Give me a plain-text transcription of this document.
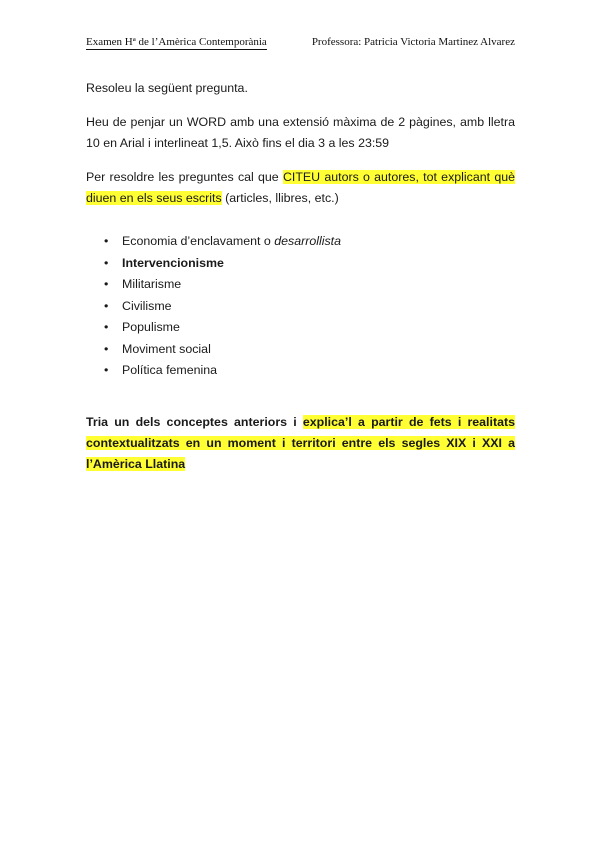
Examen Hª de l’Amèrica Contemporània	Professora: Patricia Victoria Martinez Alvarez

Resoleu la següent pregunta.

Heu de penjar un WORD amb una extensió màxima de 2 pàgines, amb lletra 10 en Arial i interlineat 1,5. Això fins el dia 3 a les 23:59

Per resoldre les preguntes cal que CITEU autors o autores, tot explicant què diuen en els seus escrits (articles, llibres, etc.)

• Economia d’enclavament o desarrollista
• Intervencionisme
• Militarisme
• Civilisme
• Populisme
• Moviment social
• Política femenina
Tria un dels conceptes anteriors i explica’l a partir de fets i realitats contextualitzats en un moment i territori entre els segles XIX i XXI a l’Amèrica Llatina
